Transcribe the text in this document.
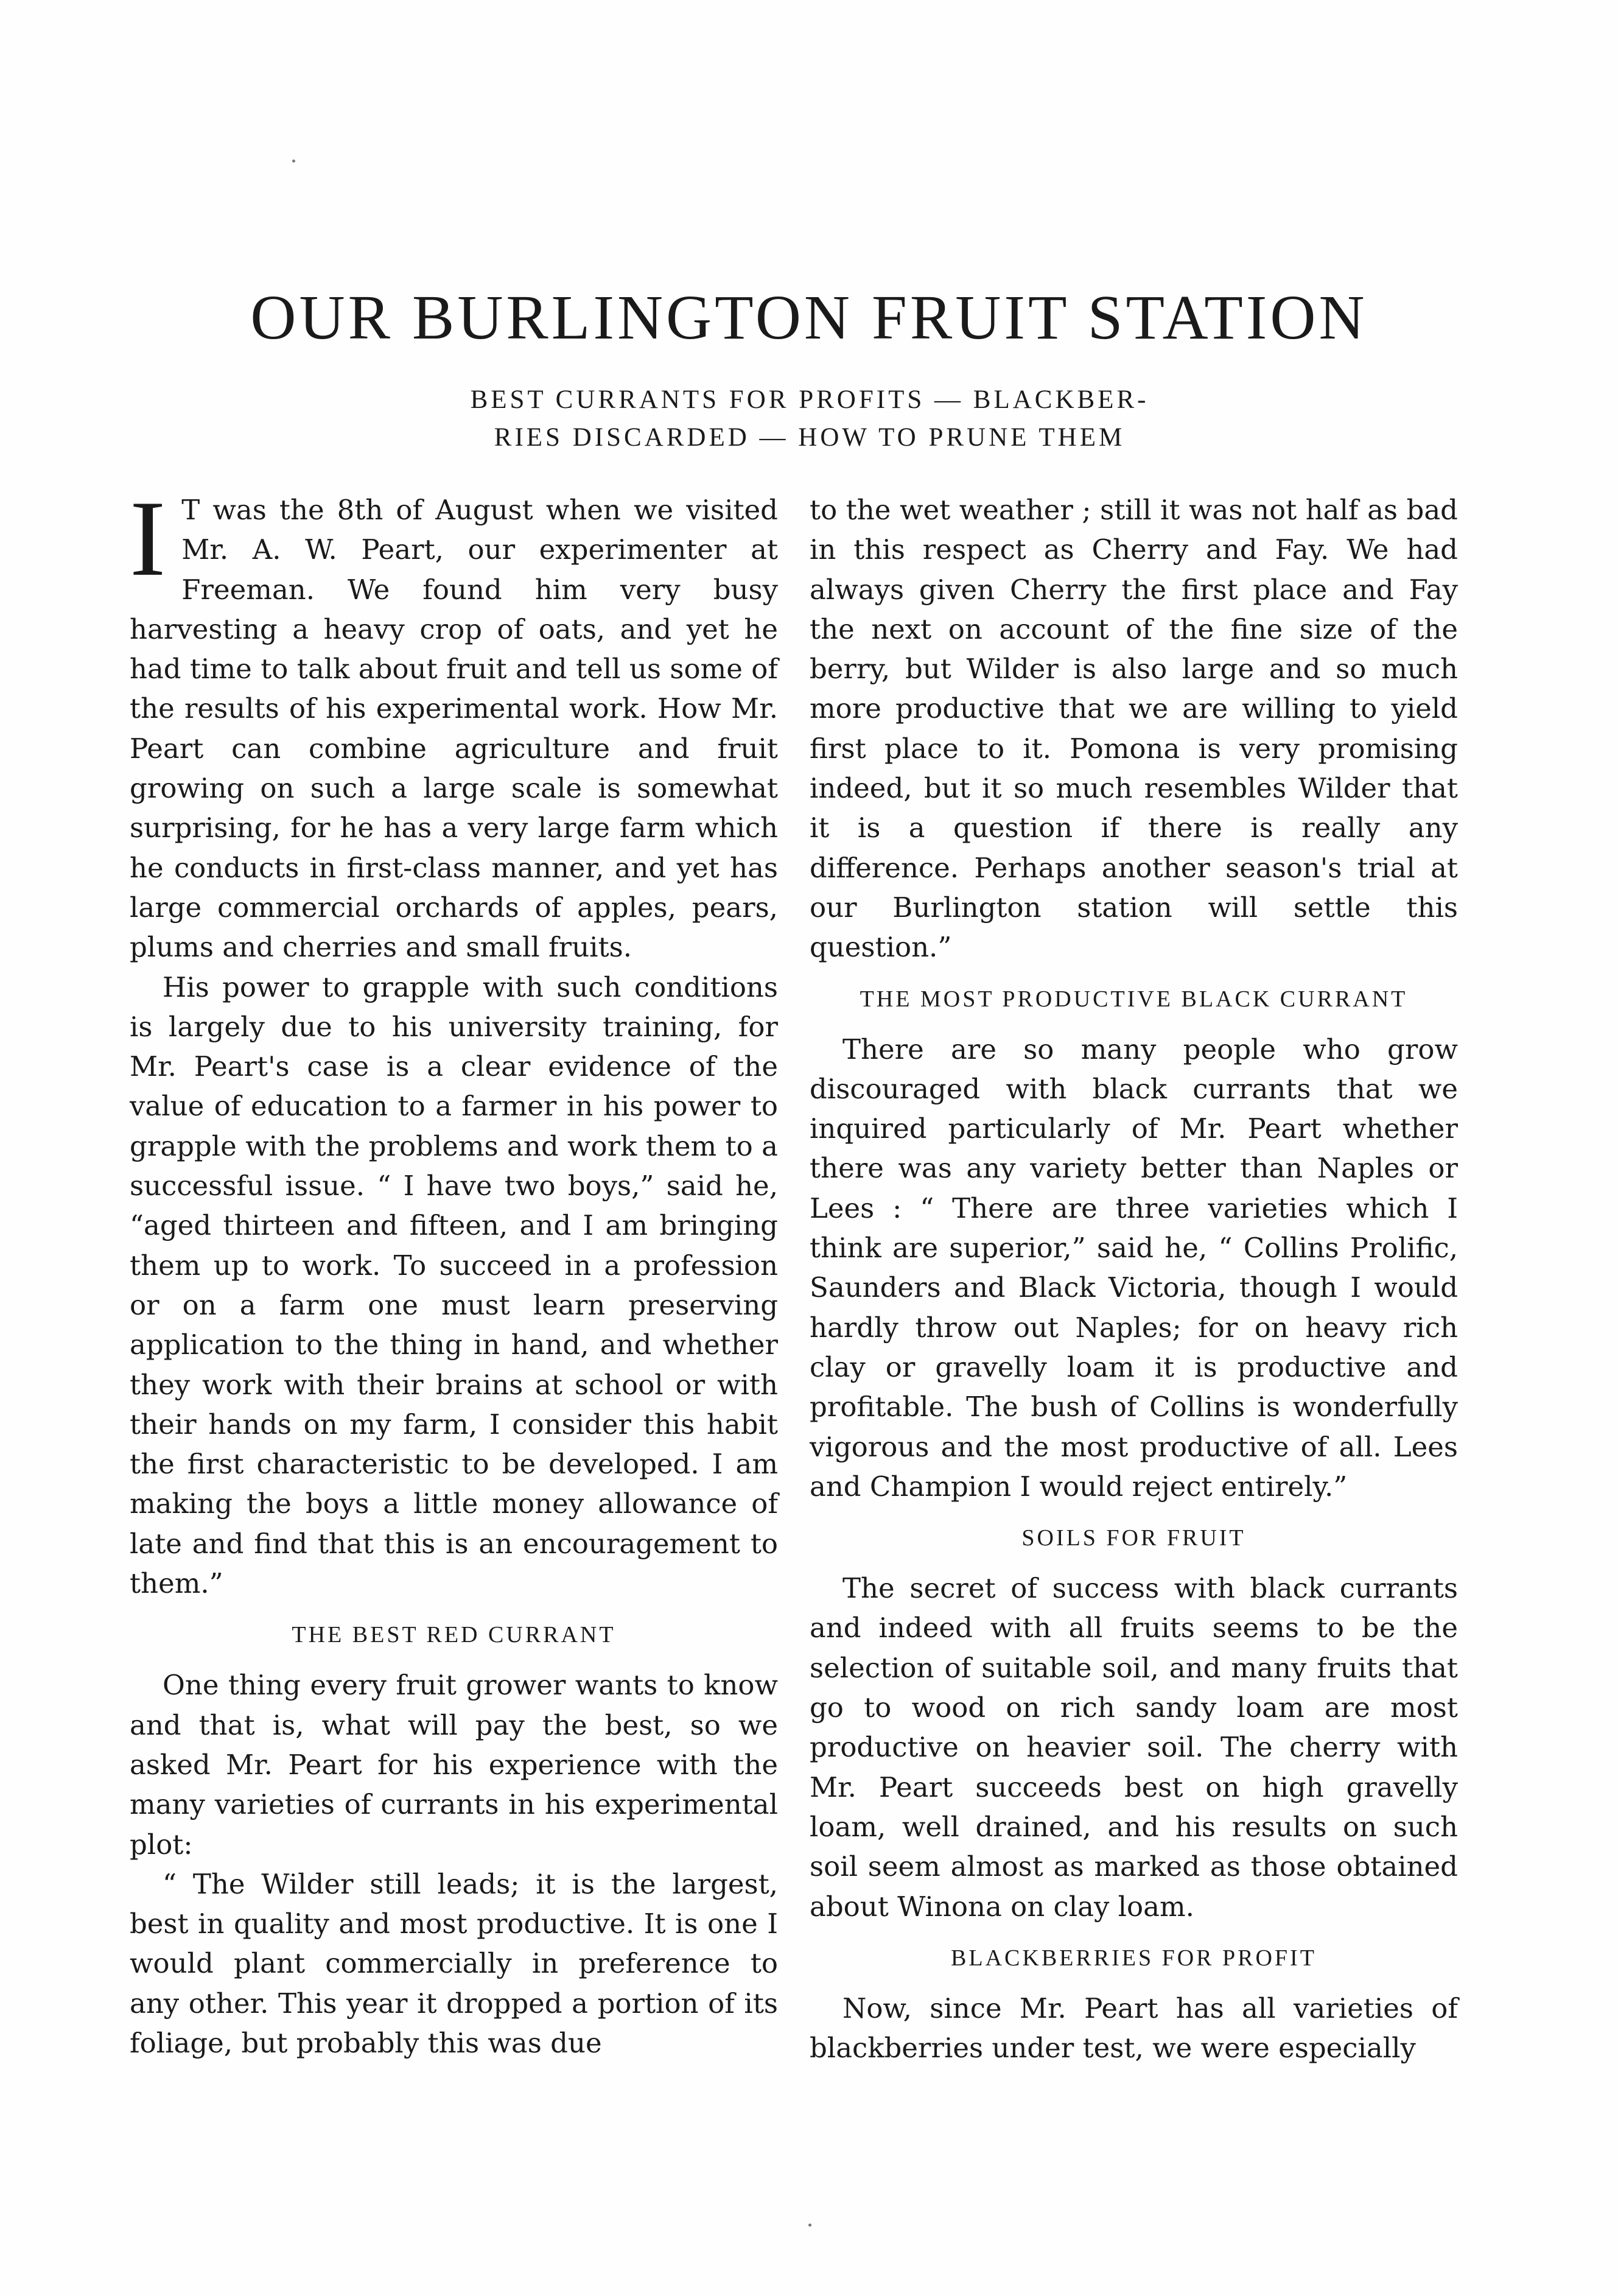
OUR BURLINGTON FRUIT STATION
BEST CURRANTS FOR PROFITS — BLACKBER-
RIES DISCARDED — HOW TO PRUNE THEM

I T was the 8th of August when we visited Mr. A. W. Peart, our experimenter at Freeman. We found him very busy harvesting a heavy crop of oats, and yet he had time to talk about fruit and tell us some of the results of his experimental work. How Mr. Peart can combine agriculture and fruit growing on such a large scale is somewhat surprising, for he has a very large farm which he conducts in first-class manner, and yet has large commercial orchards of apples, pears, plums and cherries and small fruits.

His power to grapple with such conditions is largely due to his university training, for Mr. Peart's case is a clear evidence of the value of education to a farmer in his power to grapple with the problems and work them to a successful issue. “ I have two boys,” said he, “aged thirteen and fifteen, and I am bringing them up to work. To succeed in a profession or on a farm one must learn preserving application to the thing in hand, and whether they work with their brains at school or with their hands on my farm, I consider this habit the first characteristic to be developed. I am making the boys a little money allowance of late and find that this is an encouragement to them.”

THE BEST RED CURRANT

One thing every fruit grower wants to know and that is, what will pay the best, so we asked Mr. Peart for his experience with the many varieties of currants in his experimental plot:

“ The Wilder still leads; it is the largest, best in quality and most productive. It is one I would plant commercially in preference to any other. This year it dropped a portion of its foliage, but probably this was due

to the wet weather ; still it was not half as bad in this respect as Cherry and Fay. We had always given Cherry the first place and Fay the next on account of the fine size of the berry, but Wilder is also large and so much more productive that we are willing to yield first place to it. Pomona is very promising indeed, but it so much resembles Wilder that it is a question if there is really any difference. Perhaps another season's trial at our Burlington station will settle this question.”

THE MOST PRODUCTIVE BLACK CURRANT

There are so many people who grow discouraged with black currants that we inquired particularly of Mr. Peart whether there was any variety better than Naples or Lees : “ There are three varieties which I think are superior,” said he, “ Collins Prolific, Saunders and Black Victoria, though I would hardly throw out Naples; for on heavy rich clay or gravelly loam it is productive and profitable. The bush of Collins is wonderfully vigorous and the most productive of all. Lees and Champion I would reject entirely.”

SOILS FOR FRUIT

The secret of success with black currants and indeed with all fruits seems to be the selection of suitable soil, and many fruits that go to wood on rich sandy loam are most productive on heavier soil. The cherry with Mr. Peart succeeds best on high gravelly loam, well drained, and his results on such soil seem almost as marked as those obtained about Winona on clay loam.

BLACKBERRIES FOR PROFIT

Now, since Mr. Peart has all varieties of blackberries under test, we were especially
